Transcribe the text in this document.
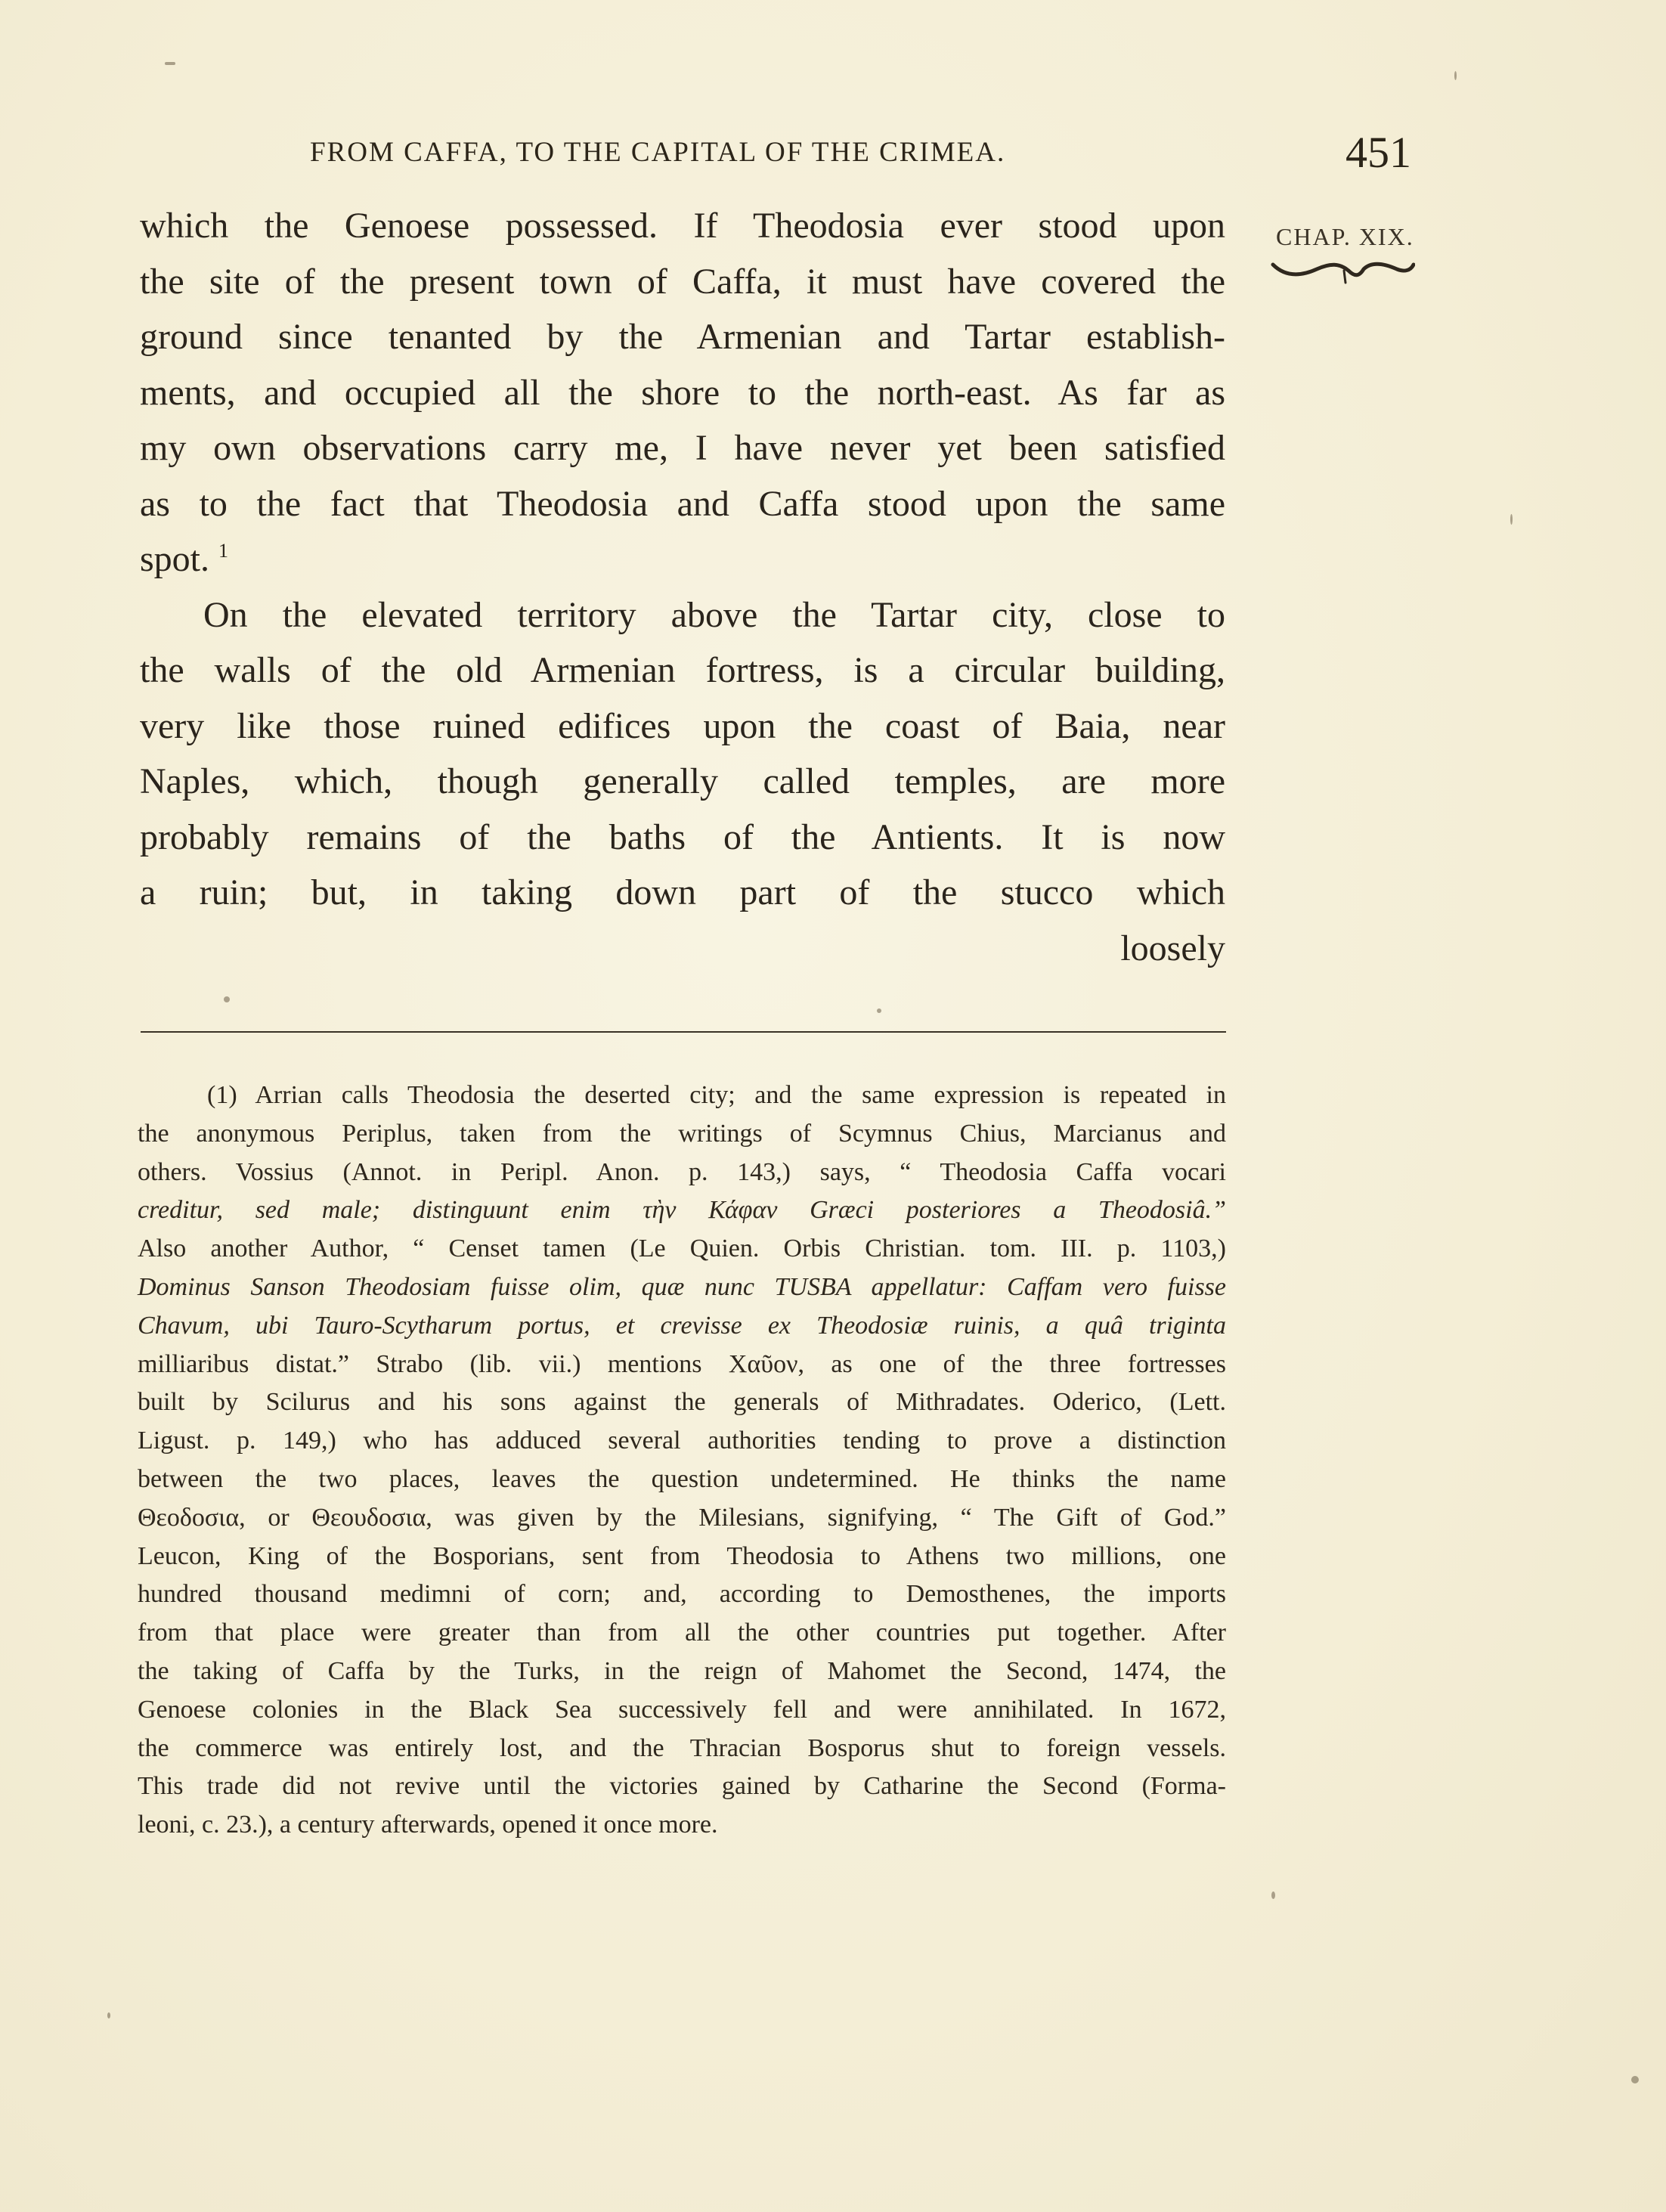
FROM CAFFA, TO THE CAPITAL OF THE CRIMEA.	451
CHAP. XIX.
which the Genoese possessed. If Theodosia ever stood upon
the site of the present town of Caffa, it must have covered the
ground since tenanted by the Armenian and Tartar establish-
ments, and occupied all the shore to the north-east. As far as
my own observations carry me, I have never yet been satisfied
as to the fact that Theodosia and Caffa stood upon the same
spot. $^1$
On the elevated territory above the Tartar city, close to
the walls of the old Armenian fortress, is a circular building,
very like those ruined edifices upon the coast of Baia, near
Naples, which, though generally called temples, are more
probably remains of the baths of the Antients. It is now
a ruin; but, in taking down part of the stucco which
loosely
(1) Arrian calls Theodosia the deserted city; and the same expression is repeated in
the anonymous Periplus, taken from the writings of Scymnus Chius, Marcianus and
others. Vossius (Annot. in Peripl. Anon. p. 143,) says, “ Theodosia Caffa vocari
creditur, sed male; distinguunt enim τὴν Κάφαν Græci posteriores a Theodosiâ.”
Also another Author, “ Censet tamen (Le Quien. Orbis Christian. tom. III. p. 1103,)
Dominus Sanson Theodosiam fuisse olim, quæ nunc TUSBA appellatur: Caffam vero fuisse
Chavum, ubi Tauro-Scytharum portus, et crevisse ex Theodosiæ ruinis, a quâ triginta
milliaribus distat.” Strabo (lib. vii.) mentions Χαῦον, as one of the three fortresses
built by Scilurus and his sons against the generals of Mithradates. Oderico, (Lett.
Ligust. p. 149,) who has adduced several authorities tending to prove a distinction
between the two places, leaves the question undetermined. He thinks the name
Θεοδοσια, or Θεουδοσια, was given by the Milesians, signifying, “ The Gift of God.”
Leucon, King of the Bosporians, sent from Theodosia to Athens two millions, one
hundred thousand medimni of corn; and, according to Demosthenes, the imports
from that place were greater than from all the other countries put together. After
the taking of Caffa by the Turks, in the reign of Mahomet the Second, 1474, the
Genoese colonies in the Black Sea successively fell and were annihilated. In 1672,
the commerce was entirely lost, and the Thracian Bosporus shut to foreign vessels.
This trade did not revive until the victories gained by Catharine the Second (Forma-
leoni, c. 23.), a century afterwards, opened it once more.
